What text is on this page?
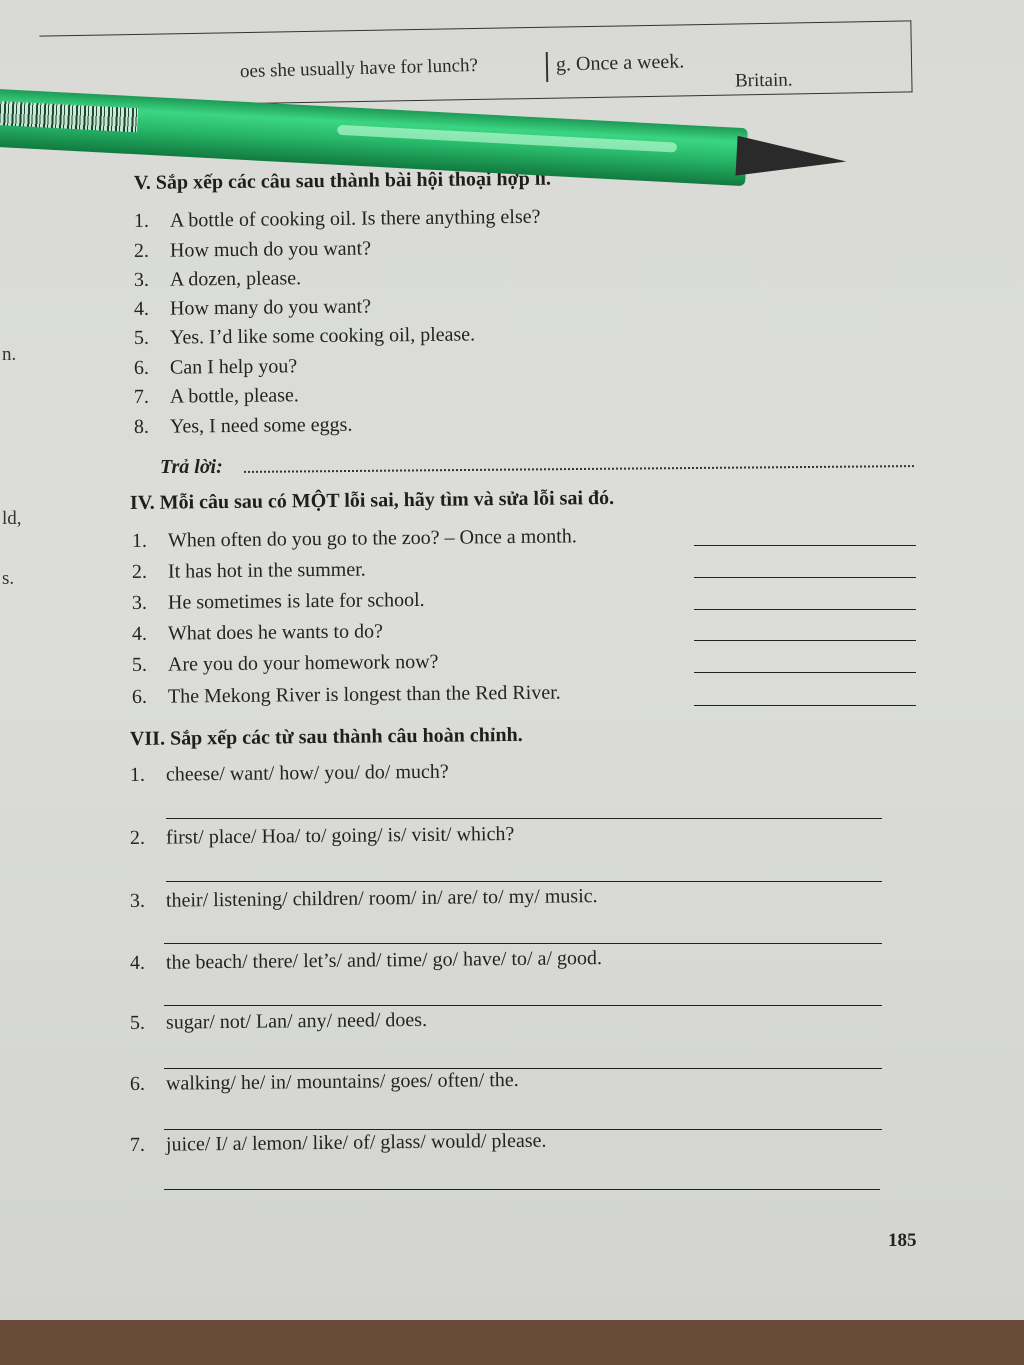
oes she usually have for lunch?	g. Once a week.
Britain.
n.
ld,
s.
V. Sắp xếp các câu sau thành bài hội thoại hợp lí.
1. A bottle of cooking oil. Is there anything else?
2. How much do you want?
3. A dozen, please.
4. How many do you want?
5. Yes. I’d like some cooking oil, please.
6. Can I help you?
7. A bottle, please.
8. Yes, I need some eggs.
Trả lời:
IV. Mỗi câu sau có MỘT lỗi sai, hãy tìm và sửa lỗi sai đó.
1. When often do you go to the zoo? – Once a month.
2. It has hot in the summer.
3. He sometimes is late for school.
4. What does he wants to do?
5. Are you do your homework now?
6. The Mekong River is longest than the Red River.
VII. Sắp xếp các từ sau thành câu hoàn chỉnh.
1. cheese/ want/ how/ you/ do/ much?
2. first/ place/ Hoa/ to/ going/ is/ visit/ which?
3. their/ listening/ children/ room/ in/ are/ to/ my/ music.
4. the beach/ there/ let’s/ and/ time/ go/ have/ to/ a/ good.
5. sugar/ not/ Lan/ any/ need/ does.
6. walking/ he/ in/ mountains/ goes/ often/ the.
7. juice/ I/ a/ lemon/ like/ of/ glass/ would/ please.
185
